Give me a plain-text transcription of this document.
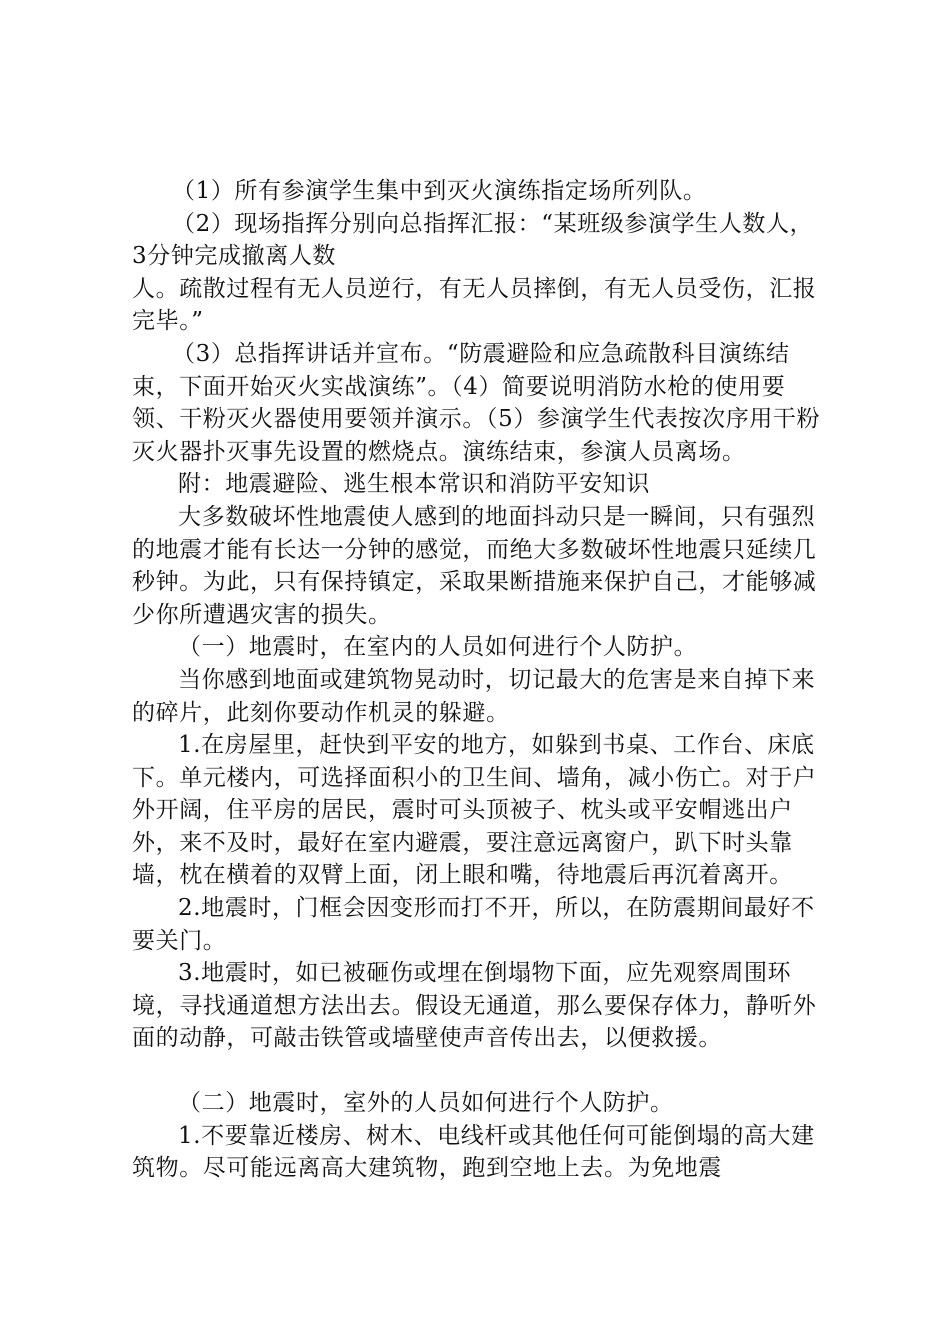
（1）所有参演学生集中到灭火演练指定场所列队。

（2）现场指挥分别向总指挥汇报：“某班级参演学生人数人，3分钟完成撤离人数

人。疏散过程有无人员逆行，有无人员摔倒，有无人员受伤，汇报完毕。”

（3）总指挥讲话并宣布。“防震避险和应急疏散科目演练结束，下面开始灭火实战演练”。（4）简要说明消防水枪的使用要领、干粉灭火器使用要领并演示。（5）参演学生代表按次序用干粉灭火器扑灭事先设置的燃烧点。演练结束，参演人员离场。

附：地震避险、逃生根本常识和消防平安知识

大多数破坏性地震使人感到的地面抖动只是一瞬间，只有强烈的地震才能有长达一分钟的感觉，而绝大多数破坏性地震只延续几秒钟。为此，只有保持镇定，采取果断措施来保护自己，才能够减少你所遭遇灾害的损失。

（一）地震时，在室内的人员如何进行个人防护。

当你感到地面或建筑物晃动时，切记最大的危害是来自掉下来的碎片，此刻你要动作机灵的躲避。

1.在房屋里，赶快到平安的地方，如躲到书桌、工作台、床底下。单元楼内，可选择面积小的卫生间、墙角，减小伤亡。对于户外开阔，住平房的居民，震时可头顶被子、枕头或平安帽逃出户外，来不及时，最好在室内避震，要注意远离窗户，趴下时头靠墙，枕在横着的双臂上面，闭上眼和嘴，待地震后再沉着离开。

2.地震时，门框会因变形而打不开，所以，在防震期间最好不要关门。

3.地震时，如已被砸伤或埋在倒塌物下面，应先观察周围环境，寻找通道想方法出去。假设无通道，那么要保存体力，静听外面的动静，可敲击铁管或墙壁使声音传出去，以便救援。

（二）地震时，室外的人员如何进行个人防护。

1.不要靠近楼房、树木、电线杆或其他任何可能倒塌的高大建筑物。尽可能远离高大建筑物，跑到空地上去。为免地震
